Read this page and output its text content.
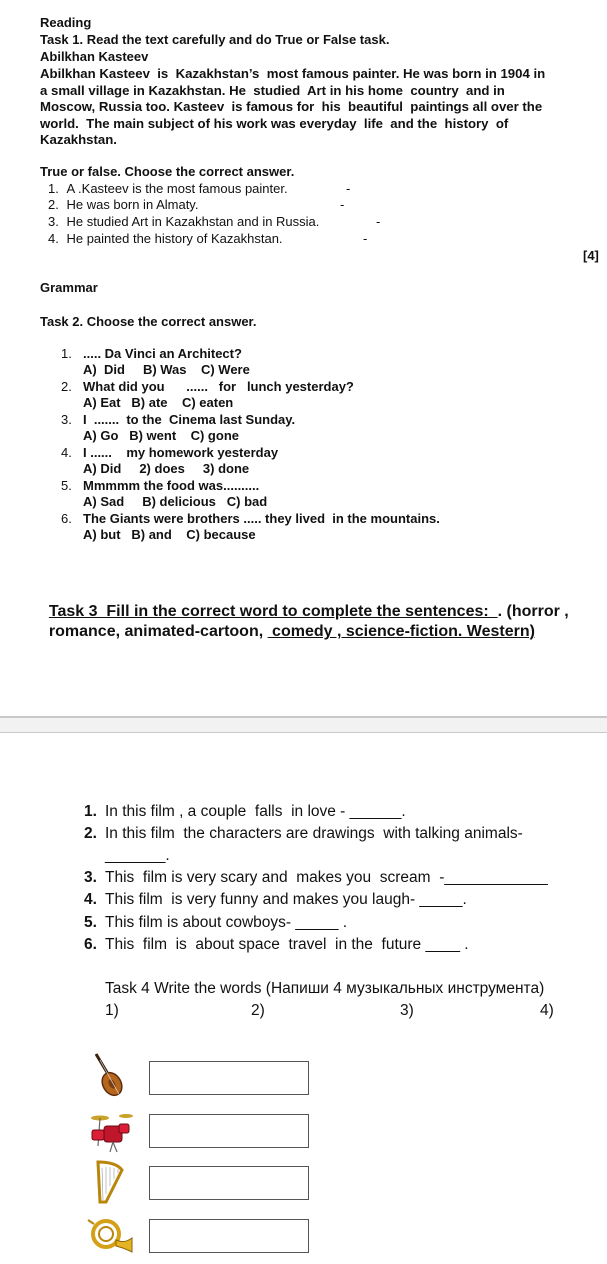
Reading
Task 1. Read the text carefully and do True or False task.
Abilkhan Kasteev
Abilkhan Kasteev  is  Kazakhstan’s  most famous painter. He was born in 1904 in
a small village in Kazakhstan. He  studied  Art in his home  country  and in
Moscow, Russia too. Kasteev  is famous for  his  beautiful  paintings all over the
world.  The main subject of his work was everyday  life  and the  history  of
Kazakhstan.
True or false. Choose the correct answer.
1. A .Kasteev is the most famous painter.	-
2. He was born in Almaty.	-
3. He studied Art in Kazakhstan and in Russia.	-
4. He painted the history of Kazakhstan.	-
[4]
Grammar
Task 2. Choose the correct answer.
1. ..... Da Vinci an Architect?
A)  Did     B) Was    C) Were
2. What did you      ......   for   lunch yesterday?
A) Eat   B) ate    C) eaten
3. I  .......  to the  Cinema last Sunday.
A) Go   B) went    C) gone
4. I ......    my homework yesterday
A) Did     2) does     3) done
5. Mmmmm the food was..........
A) Sad     B) delicious   C) bad
6. The Giants were brothers ..... they lived  in the mountains.
A) but   B) and    C) because

Task 3  Fill in the correct word to complete the sentences:  . (horror ,

romance, animated-cartoon,  comedy , science-fiction. Western)

1. In this film , a couple  falls  in love - ______.
2. In this film  the characters are drawings  with talking animals-
_______.
3. This  film is very scary and  makes you  scream  -____________
4. This film  is very funny and makes you laugh- _____.
5. This film is about cowboys- _____ .
6. This  film  is  about space  travel  in the  future ____ .
Task 4 Write the words (Напиши 4 музыкальных инструмента)
1)	2)	3)	4)
